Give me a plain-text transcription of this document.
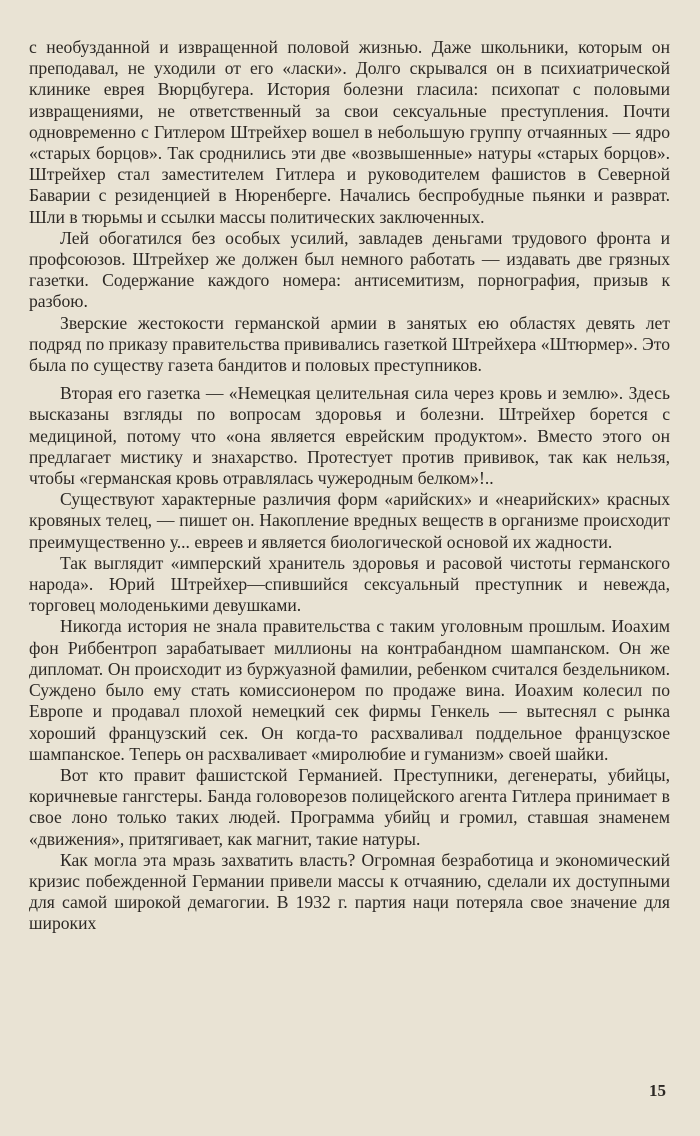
с необузданной и извращенной половой жизнью. Даже школьники, которым он преподавал, не уходили от его «ласки». Долго скрывался он в психиатрической клинике еврея Вюрцбугера. История болезни гласила: психопат с половыми извращениями, не ответственный за свои сексуальные преступления. Почти одновременно с Гитлером Штрейхер вошел в небольшую группу отчаянных — ядро «старых борцов». Так сроднились эти две «возвышенные» натуры «старых борцов». Штрейхер стал заместителем Гитлера и руководителем фашистов в Северной Баварии с резиденцией в Нюренберге. Начались беспробудные пьянки и разврат. Шли в тюрьмы и ссылки массы политических заключенных.

Лей обогатился без особых усилий, завладев деньгами трудового фронта и профсоюзов. Штрейхер же должен был немного работать — издавать две грязных газетки. Содержание каждого номера: антисемитизм, порнография, призыв к разбою.

Зверские жестокости германской армии в занятых ею областях девять лет подряд по приказу правительства прививались газеткой Штрейхера «Штюрмер». Это была по существу газета бандитов и половых преступников.

Вторая его газетка — «Немецкая целительная сила через кровь и землю». Здесь высказаны взгляды по вопросам здоровья и болезни. Штрейхер борется с медициной, потому что «она является еврейским продуктом». Вместо этого он предлагает мистику и знахарство. Протестует против прививок, так как нельзя, чтобы «германская кровь отравлялась чужеродным белком»!..

Существуют характерные различия форм «арийских» и «неарийских» красных кровяных телец, — пишет он. Накопление вредных веществ в организме происходит преимущественно у... евреев и является биологической основой их жадности.

Так выглядит «имперский хранитель здоровья и расовой чистоты германского народа». Юрий Штрейхер—спившийся сексуальный преступник и невежда, торговец молоденькими девушками.

Никогда история не знала правительства с таким уголовным прошлым. Иоахим фон Риббентроп зарабатывает миллионы на контрабандном шампанском. Он же дипломат. Он происходит из буржуазной фамилии, ребенком считался бездельником. Суждено было ему стать комиссионером по продаже вина. Иоахим колесил по Европе и продавал плохой немецкий сек фирмы Генкель — вытеснял с рынка хороший французский сек. Он когда-то расхваливал поддельное французское шампанское. Теперь он расхваливает «миролюбие и гуманизм» своей шайки.

Вот кто правит фашистской Германией. Преступники, дегенераты, убийцы, коричневые гангстеры. Банда головорезов полицейского агента Гитлера принимает в свое лоно только таких людей. Программа убийц и громил, ставшая знаменем «движения», притягивает, как магнит, такие натуры.

Как могла эта мразь захватить власть? Огромная безработица и экономический кризис побежденной Германии привели массы к отчаянию, сделали их доступными для самой широкой демагогии. В 1932 г. партия наци потеряла свое значение для широких

15
